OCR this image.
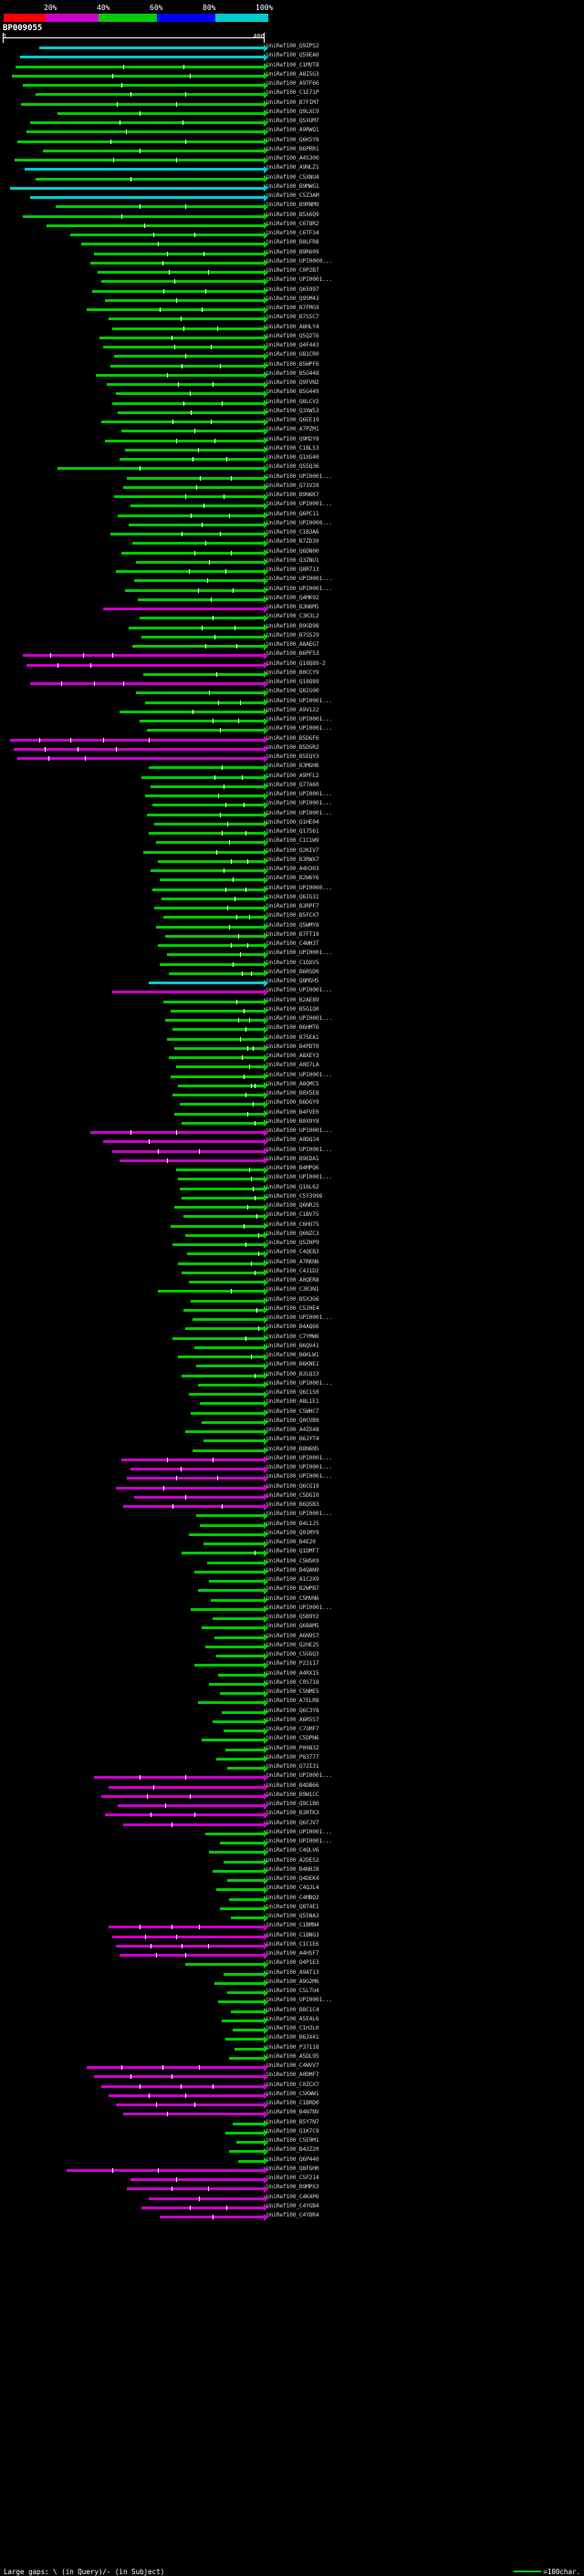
20%	40%	60%	80%	100%
BP009055
1	400
UniRef100_Q9ZPS2
UniRef100_Q59EA0
UniRef100_C1MVT8
UniRef100_A8I5G3
UniRef100_A9TF66
UniRef100_C1E71P
UniRef100_B7FIM7
UniRef100_Q9LXC9
UniRef100_Q5XUM7
UniRef100_A9RWQ1
UniRef100_Q6K5Y8
UniRef100_B6PRR1
UniRef100_A4S300
UniRef100_A9NLZ1
UniRef100_C5XNU4
UniRef100_B9MWG1
UniRef100_C5Z3AM
UniRef100_B9RNM9
UniRef100_B5X6Q9
UniRef100_C6T8R2
UniRef100_C6TF34
UniRef100_B8LFR8
UniRef100_B9R609
UniRef100_UPI0000...
UniRef100_C0P2B7
UniRef100_UPI0001...
UniRef100_Q65997
UniRef100_Q9SM43
UniRef100_B7FMG9
UniRef100_B7S5C7
UniRef100_A8HLY4
UniRef100_Q5Q2T6
UniRef100_Q4F443
UniRef100_O81CR0
UniRef100_B5WPF6
UniRef100_B5G448
UniRef100_Q9FVN2
UniRef100_B5G449
UniRef100_Q8LCV2
UniRef100_Q3XW53
UniRef100_Q6EE19
UniRef100_A7PZM1
UniRef100_Q9M2Y8
UniRef100_C1BL53
UniRef100_Q1XG40
UniRef100_Q55Q36
UniRef100_UPI0001...
UniRef100_Q71V28
UniRef100_B9N6K7
UniRef100_UPI0001...
UniRef100_Q6PC11
UniRef100_UPI0000...
UniRef100_C1B3A6
UniRef100_B7ZD39
UniRef100_Q6DN00
UniRef100_Q3ZNU1
UniRef100_Q8R713
UniRef100_UPI0001...
UniRef100_UPI0001...
UniRef100_Q4MK92
UniRef100_B3N6M5
UniRef100_C3K3L2
UniRef100_B9GD98
UniRef100_B7GSJ9
UniRef100_A8AEG7
UniRef100_B6PF53
UniRef100_Q18Q89-2
UniRef100_B0CCY9
UniRef100_Q18Q89
UniRef100_Q8IG00
UniRef100_UPI0001...
UniRef100_A9V122
UniRef100_UPI0001...
UniRef100_UPI0001...
UniRef100_B5DGF6
UniRef100_B5DGR2
UniRef100_B5EQY3
UniRef100_B3MGH6
UniRef100_A9PFL2
UniRef100_Q77A60
UniRef100_UPI0001...
UniRef100_UPI0001...
UniRef100_UPI0001...
UniRef100_Q1HE04
UniRef100_Q17561
UniRef100_C1C1W9
UniRef100_Q2KIV7
UniRef100_B3RWX7
UniRef100_A4H303
UniRef100_B2W6Y6
UniRef100_UPI0000...
UniRef100_Q6IG31
UniRef100_B3RPF7
UniRef100_B5FCX7
UniRef100_Q5WMY8
UniRef100_B7FT19
UniRef100_C4WH3T
UniRef100_UPI0001...
UniRef100_C1DXV5
UniRef100_B6RSD0
UniRef100_Q8MSH5
UniRef100_UPI0001...
UniRef100_B2AE89
UniRef100_B5G1Q0
UniRef100_UPI0001...
UniRef100_B6HMT6
UniRef100_B7SEA1
UniRef100_B4PDT0
UniRef100_A8XEY3
UniRef100_A0D7LA
UniRef100_UPI0001...
UniRef100_A8QMC5
UniRef100_B0X5E8
UniRef100_B6DGY9
UniRef100_B4FVE0
UniRef100_B0X9Y8
UniRef100_UPI0001...
UniRef100_A0DQ34
UniRef100_UPI0001...
UniRef100_B9EDA1
UniRef100_B4MPQ6
UniRef100_UPI0001...
UniRef100_Q16L62
UniRef100_C5Y3998
UniRef100_Q6NRJ5
UniRef100_C1BV75
UniRef100_C6HU75
UniRef100_Q6NZC3
UniRef100_Q5ZHP9
UniRef100_C4QEB3
UniRef100_A7RKN6
UniRef100_C4J1D2
UniRef100_A0QER8
UniRef100_C3K3N1
UniRef100_B5X3G6
UniRef100_C5JHE4
UniRef100_UPI0001...
UniRef100_B4AQ66
UniRef100_C7YMW6
UniRef100_B6QV41
UniRef100_B6KLW1
UniRef100_B6KNE1
UniRef100_B3LQ33
UniRef100_UPI0001...
UniRef100_Q6C1S0
UniRef100_A8L1E1
UniRef100_C5WHC7
UniRef100_Q0CVB9
UniRef100_A4ZX48
UniRef100_B6JYT4
UniRef100_B8N6N5
UniRef100_UPI0001...
UniRef100_UPI0001...
UniRef100_UPI0001...
UniRef100_Q6CG19
UniRef100_C5DGI0
UniRef100_B6Q5B3
UniRef100_UPI0001...
UniRef100_B4L1J5
UniRef100_Q01MY9
UniRef100_B4E20
UniRef100_Q1DMF7
UniRef100_C5WSK9
UniRef100_B4QAN9
UniRef100_A1C2X9
UniRef100_B2WPB7
UniRef100_C5MVN6
UniRef100_UPI0001...
UniRef100_Q5B9Y2
UniRef100_Q6BAM5
UniRef100_A6N9S7
UniRef100_Q2HE25
UniRef100_C5GGQ3
UniRef100_P23117
UniRef100_A4RX15
UniRef100_C0S718
UniRef100_C5NME5
UniRef100_A7ELR8
UniRef100_Q6C3Y8
UniRef100_A6R5S7
UniRef100_C7GMF7
UniRef100_C5DPN6
UniRef100_P00832
UniRef100_P83777
UniRef100_Q72I31
UniRef100_UPI0001...
UniRef100_B4DB66
UniRef100_B9W1CC
UniRef100_Q9C1B0
UniRef100_B3RTK3
UniRef100_Q6FJV7
UniRef100_UPI0001...
UniRef100_UPI0001...
UniRef100_C4QLV6
UniRef100_A2DES2
UniRef100_B4N0J8
UniRef100_Q4DEK4
UniRef100_C4QJL4
UniRef100_C4MBQ2
UniRef100_Q8T4E1
UniRef100_Q55NA3
UniRef100_C1BMN4
UniRef100_C1BNG3
UniRef100_C1C1E6
UniRef100_A4HSF7
UniRef100_Q4P1E3
UniRef100_A9AT13
UniRef100_A9G2M6
UniRef100_C5L7U4
UniRef100_UPI0001...
UniRef100_B8C1C4
UniRef100_A5E4L6
UniRef100_C1H3L0
UniRef100_B6JX41
UniRef100_P37118
UniRef100_A5DL95
UniRef100_C4WVV7
UniRef100_A0DMF7
UniRef100_C0ZCX7
UniRef100_C5KWW1
UniRef100_C1BRD0
UniRef100_B4N7NV
UniRef100_B5Y7N7
UniRef100_Q1K7C9
UniRef100_C5E9M1
UniRef100_B4JZ20
UniRef100_Q6P440
UniRef100_Q8FGH0
UniRef100_C5F214
UniRef100_B9MPX3
UniRef100_C4K4P6
UniRef100_C4YGB4
UniRef100_C4YDR4
Large gaps: \ (in Query)/- (in Subject)	=100char.
